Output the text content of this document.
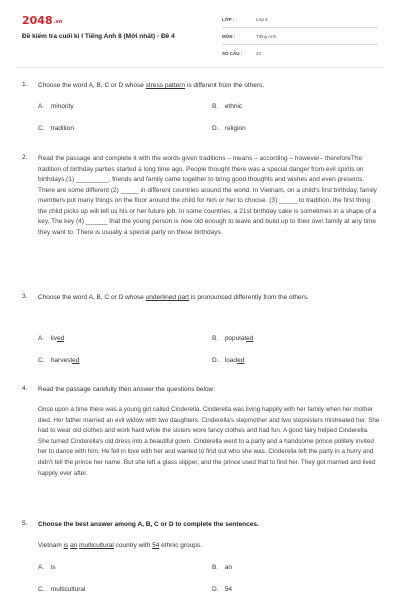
2048.vn
Đề kiểm tra cuối kì I Tiếng Anh 8 (Mới nhất) - Đề 4
LỚP :	Lớp 8
MÔN :	Tiếng Anh
SỐ CÂU :	24
1. Choose the word A, B, C or D whose stress pattern is different from the others.
A. minority	B. ethnic
C. tradition	D. religion
2. Read the passage and complete it with the words given traditions – means – according – however– thereforeThe tradition of birthday parties started a long time ago. People thought there was a special danger from evil spirits on birthdays,(1) _________, friends and family came together to bring good thoughts and wishes and even presents. There are some different (2) _____ in different countries around the world. In Vietnam, on a child's first birthday, family members put many things on the floor around the child for him or her to choose. (3) _____ to tradition, the first thing the child picks up will tell us his or her future job. In some countries, a 21st birthday cake is sometimes in a shape of a key. The key (4) ______ that the young person is now old enough to leave and build up to their own family at any time they want to. There is usually a special party on these birthdays.
3. Choose the word A, B, C or D whose underlined part is pronounced differently from the others.
A. lived	B. populated
C. harvested	D. loaded
4. Read the passage carefully then answer the questions below:
Once upon a time there was a young girl called Cinderella. Cinderella was living happily with her family when her mother died. Her father married an evil widow with two daughters. Cinderella's stepmother and two stepsisters mistreated her. She had to wear old clothes and work hard while the sisters wore fancy clothes and had fun. A good fairy helped Cinderella. She turned Cinderella's old dress into a beautiful gown. Cinderella went to a party and a handsome prince politely invited her to dance with him. He fell in love with her and wanted to find out who she was. Cinderella left the party in a hurry and didn't tell the prince her name. But she left a glass slipper, and the prince used that to find her. They got married and lived happily ever after.
5. Choose the best answer among A, B, C or D to complete the sentences.
Vietnam is an multicultural country with 54 ethnic groups.
A. is	B. an
C. multicultural	D. 54
